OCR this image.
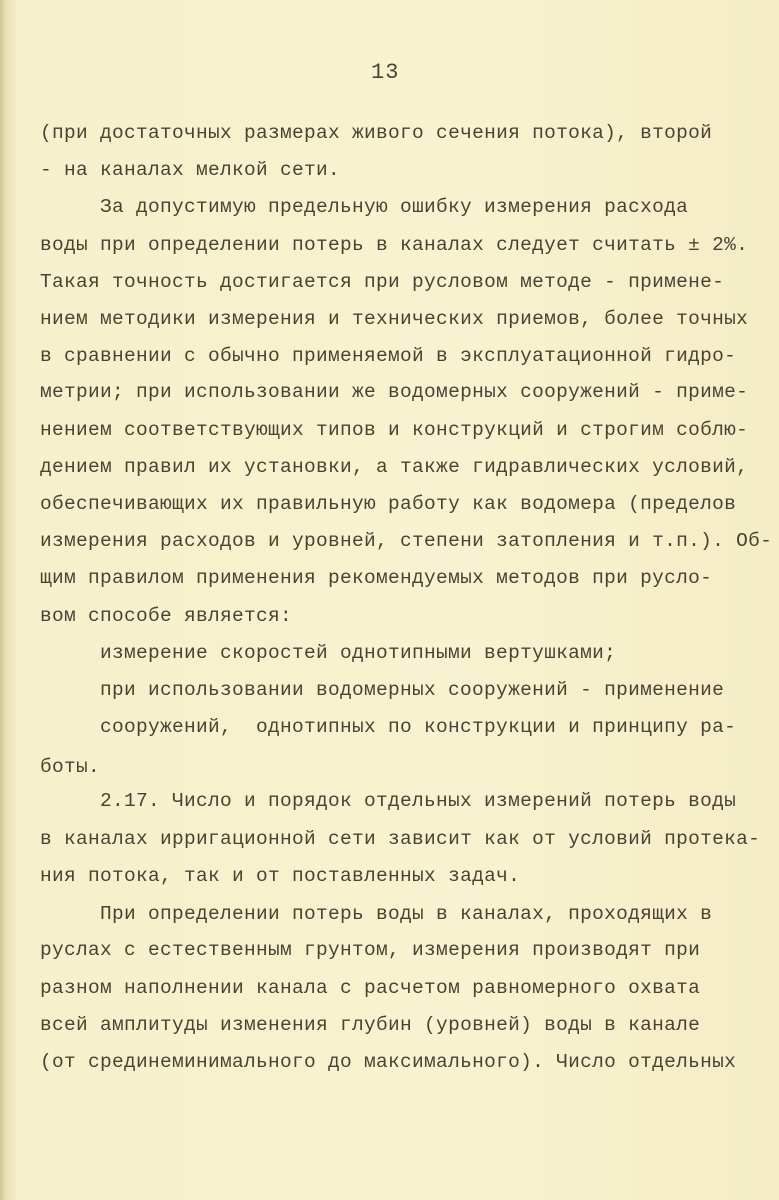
13
(при достаточных размерах живого сечения потока), второй
- на каналах мелкой сети.
За допустимую предельную ошибку измерения расхода
воды при определении потерь в каналах следует считать ± 2%.
Такая точность достигается при русловом методе - примене-
нием методики измерения и технических приемов, более точных
в сравнении с обычно применяемой в эксплуатационной гидро-
метрии; при использовании же водомерных сооружений - приме-
нением соответствующих типов и конструкций и строгим соблю-
дением правил их установки, а также гидравлических условий,
обеспечивающих их правильную работу как водомера (пределов
измерения расходов и уровней, степени затопления и т.п.). Об-
щим правилом применения рекомендуемых методов при русло-
вом способе является:
измерение скоростей однотипными вертушками;
при использовании водомерных сооружений - применение
сооружений,  однотипных по конструкции и принципу ра-
боты.
2.17. Число и порядок отдельных измерений потерь воды
в каналах ирригационной сети зависит как от условий протека-
ния потока, так и от поставленных задач.
При определении потерь воды в каналах, проходящих в
руслах с естественным грунтом, измерения производят при
разном наполнении канала с расчетом равномерного охвата
всей амплитуды изменения глубин (уровней) воды в канале
(от срединеминимального до максимального). Число отдельных
